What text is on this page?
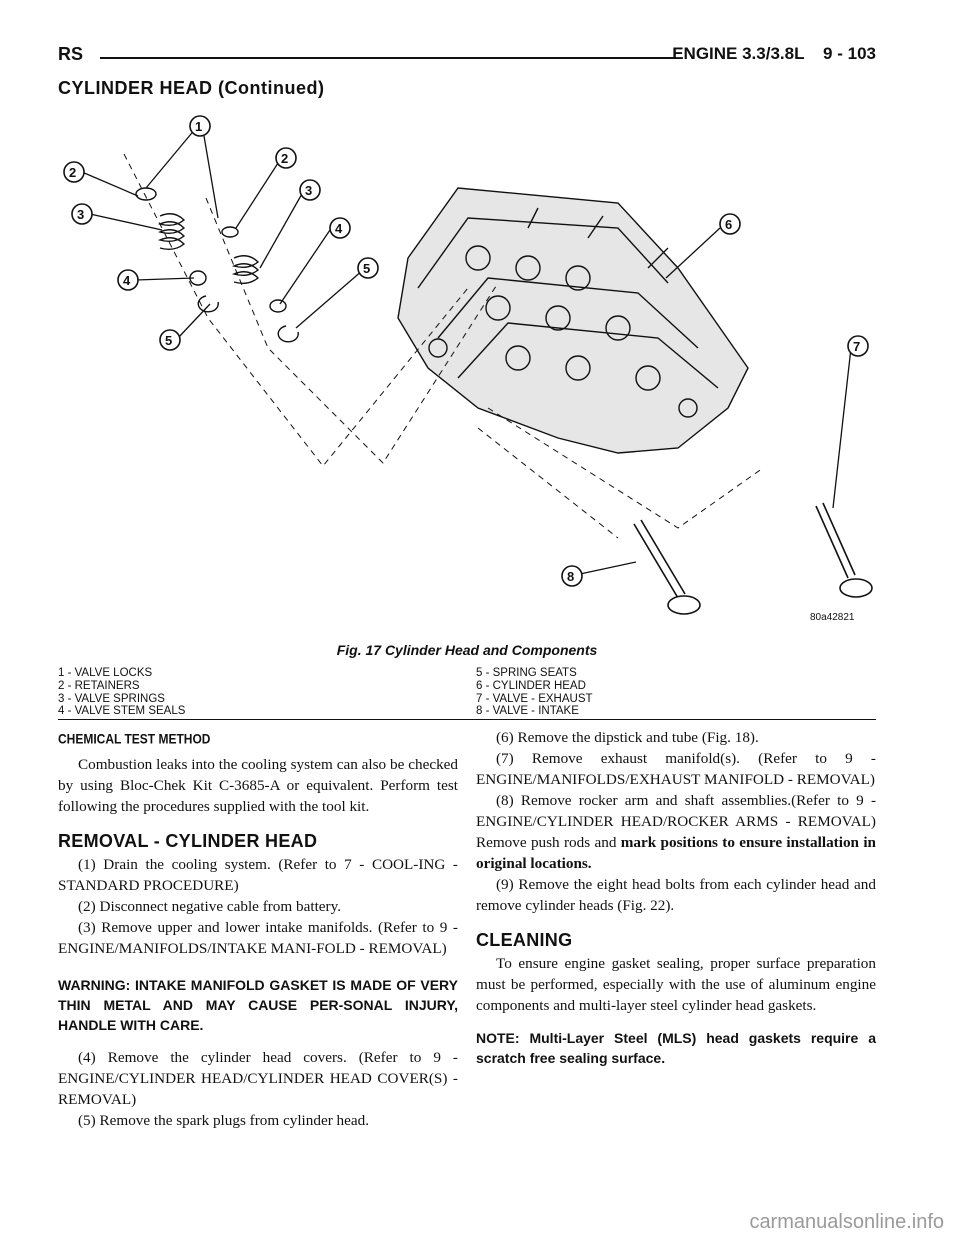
RS	ENGINE 3.3/3.8L    9 - 103
CYLINDER HEAD (Continued)
1
2
2
3
3
4
4
5
5
6
7
8
80a42821
Fig. 17 Cylinder Head and Components
1 - VALVE LOCKS
2 - RETAINERS
3 - VALVE SPRINGS
4 - VALVE STEM SEALS
5 - SPRING SEATS
6 - CYLINDER HEAD
7 - VALVE - EXHAUST
8 - VALVE - INTAKE
CHEMICAL TEST METHOD

Combustion leaks into the cooling system can also be checked by using Bloc-Chek Kit C-3685-A or equivalent. Perform test following the procedures supplied with the tool kit.

REMOVAL - CYLINDER HEAD

(1) Drain the cooling system. (Refer to 7 - COOL-ING - STANDARD PROCEDURE)

(2) Disconnect negative cable from battery.

(3) Remove upper and lower intake manifolds. (Refer to 9 - ENGINE/MANIFOLDS/INTAKE MANI-FOLD - REMOVAL)

WARNING: INTAKE MANIFOLD GASKET IS MADE OF VERY THIN METAL AND MAY CAUSE PER-SONAL INJURY, HANDLE WITH CARE.

(4) Remove the cylinder head covers. (Refer to 9 - ENGINE/CYLINDER HEAD/CYLINDER HEAD COVER(S) - REMOVAL)

(5) Remove the spark plugs from cylinder head.

(6) Remove the dipstick and tube (Fig. 18).

(7) Remove exhaust manifold(s). (Refer to 9 - ENGINE/MANIFOLDS/EXHAUST MANIFOLD - REMOVAL)

(8) Remove rocker arm and shaft assemblies.(Refer to 9 - ENGINE/CYLINDER HEAD/ROCKER ARMS - REMOVAL) Remove push rods and mark positions to ensure installation in original locations.

(9) Remove the eight head bolts from each cylinder head and remove cylinder heads (Fig. 22).

CLEANING

To ensure engine gasket sealing, proper surface preparation must be performed, especially with the use of aluminum engine components and multi-layer steel cylinder head gaskets.

NOTE: Multi-Layer Steel (MLS) head gaskets require a scratch free sealing surface.

carmanualsonline.info
